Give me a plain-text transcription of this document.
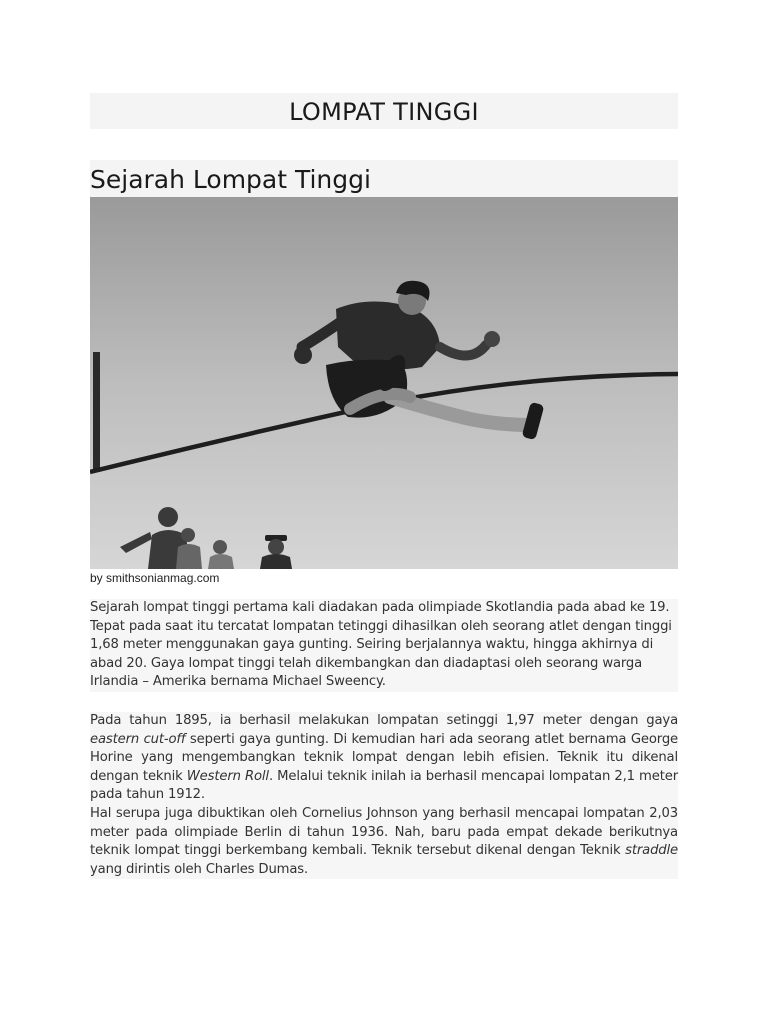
LOMPAT TINGGI
Sejarah Lompat Tinggi
by smithsonianmag.com

Sejarah lompat tinggi pertama kali diadakan pada olimpiade Skotlandia pada abad ke 19. Tepat pada saat itu tercatat lompatan tetinggi dihasilkan oleh seorang atlet dengan tinggi 1,68 meter menggunakan gaya gunting. Seiring berjalannya waktu, hingga akhirnya di abad 20. Gaya lompat tinggi telah dikembangkan dan diadaptasi oleh seorang warga Irlandia – Amerika bernama Michael Sweency.

Pada tahun 1895, ia berhasil melakukan lompatan setinggi 1,97 meter dengan gaya eastern cut-off seperti gaya gunting. Di kemudian hari ada seorang atlet bernama George Horine yang mengembangkan teknik lompat dengan lebih efisien. Teknik itu dikenal dengan teknik Western Roll. Melalui teknik inilah ia berhasil mencapai lompatan 2,1 meter pada tahun 1912.
Hal serupa juga dibuktikan oleh Cornelius Johnson yang berhasil mencapai lompatan 2,03 meter pada olimpiade Berlin di tahun 1936. Nah, baru pada empat dekade berikutnya teknik lompat tinggi berkembang kembali. Teknik tersebut dikenal dengan Teknik straddle yang dirintis oleh Charles Dumas.
